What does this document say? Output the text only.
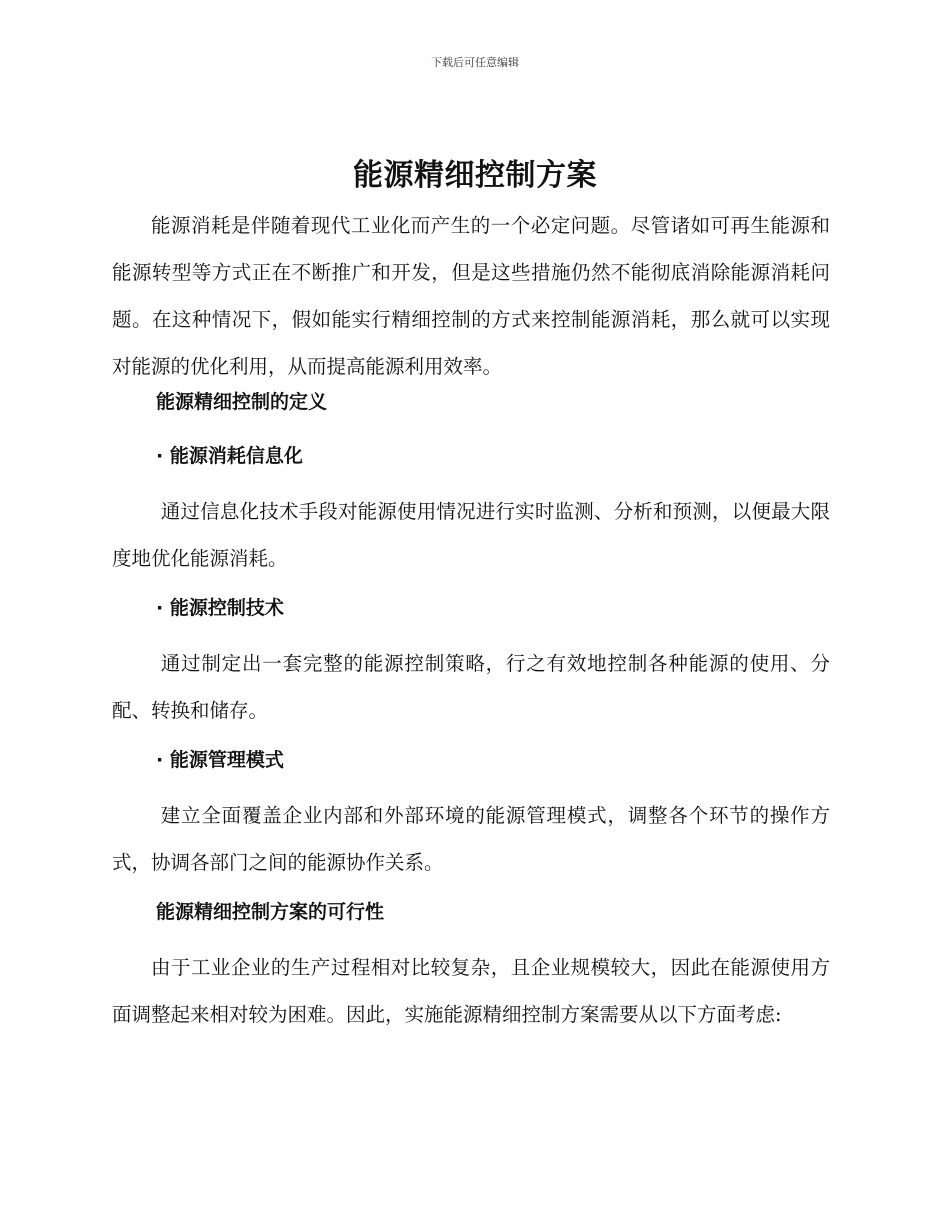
下载后可任意编辑
能源精细控制方案

能源消耗是伴随着现代工业化而产生的一个必定问题。尽管诸如可再生能源和能源转型等方式正在不断推广和开发，但是这些措施仍然不能彻底消除能源消耗问题。在这种情况下，假如能实行精细控制的方式来控制能源消耗，那么就可以实现对能源的优化利用，从而提高能源利用效率。

能源精细控制的定义
· 能源消耗信息化

通过信息化技术手段对能源使用情况进行实时监测、分析和预测，以便最大限度地优化能源消耗。

· 能源控制技术

通过制定出一套完整的能源控制策略，行之有效地控制各种能源的使用、分配、转换和储存。

· 能源管理模式

建立全面覆盖企业内部和外部环境的能源管理模式，调整各个环节的操作方式，协调各部门之间的能源协作关系。

能源精细控制方案的可行性

由于工业企业的生产过程相对比较复杂，且企业规模较大，因此在能源使用方面调整起来相对较为困难。因此，实施能源精细控制方案需要从以下方面考虑:
